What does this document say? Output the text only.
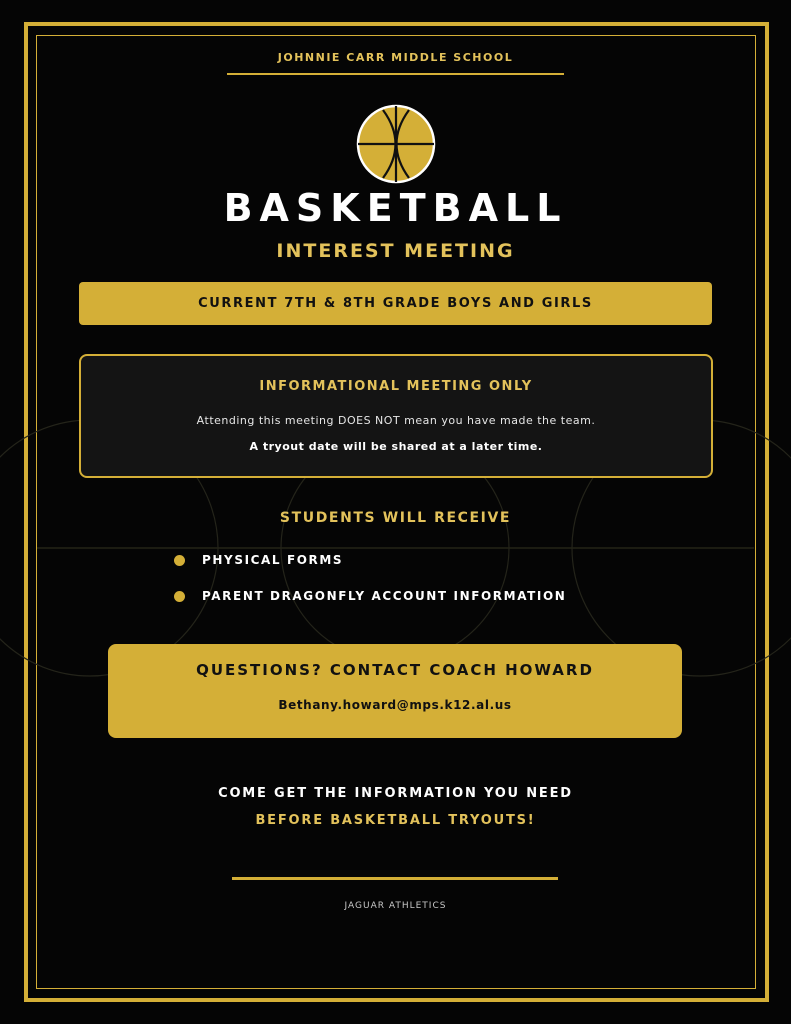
JOHNNIE CARR MIDDLE SCHOOL
BASKETBALL
INTEREST MEETING
CURRENT 7TH & 8TH GRADE BOYS AND GIRLS
INFORMATIONAL MEETING ONLY
Attending this meeting DOES NOT mean you have made the team.
A tryout date will be shared at a later time.
STUDENTS WILL RECEIVE
PHYSICAL FORMS
PARENT DRAGONFLY ACCOUNT INFORMATION
QUESTIONS? CONTACT COACH HOWARD
Bethany.howard@mps.k12.al.us
COME GET THE INFORMATION YOU NEED
BEFORE BASKETBALL TRYOUTS!
JAGUAR ATHLETICS
